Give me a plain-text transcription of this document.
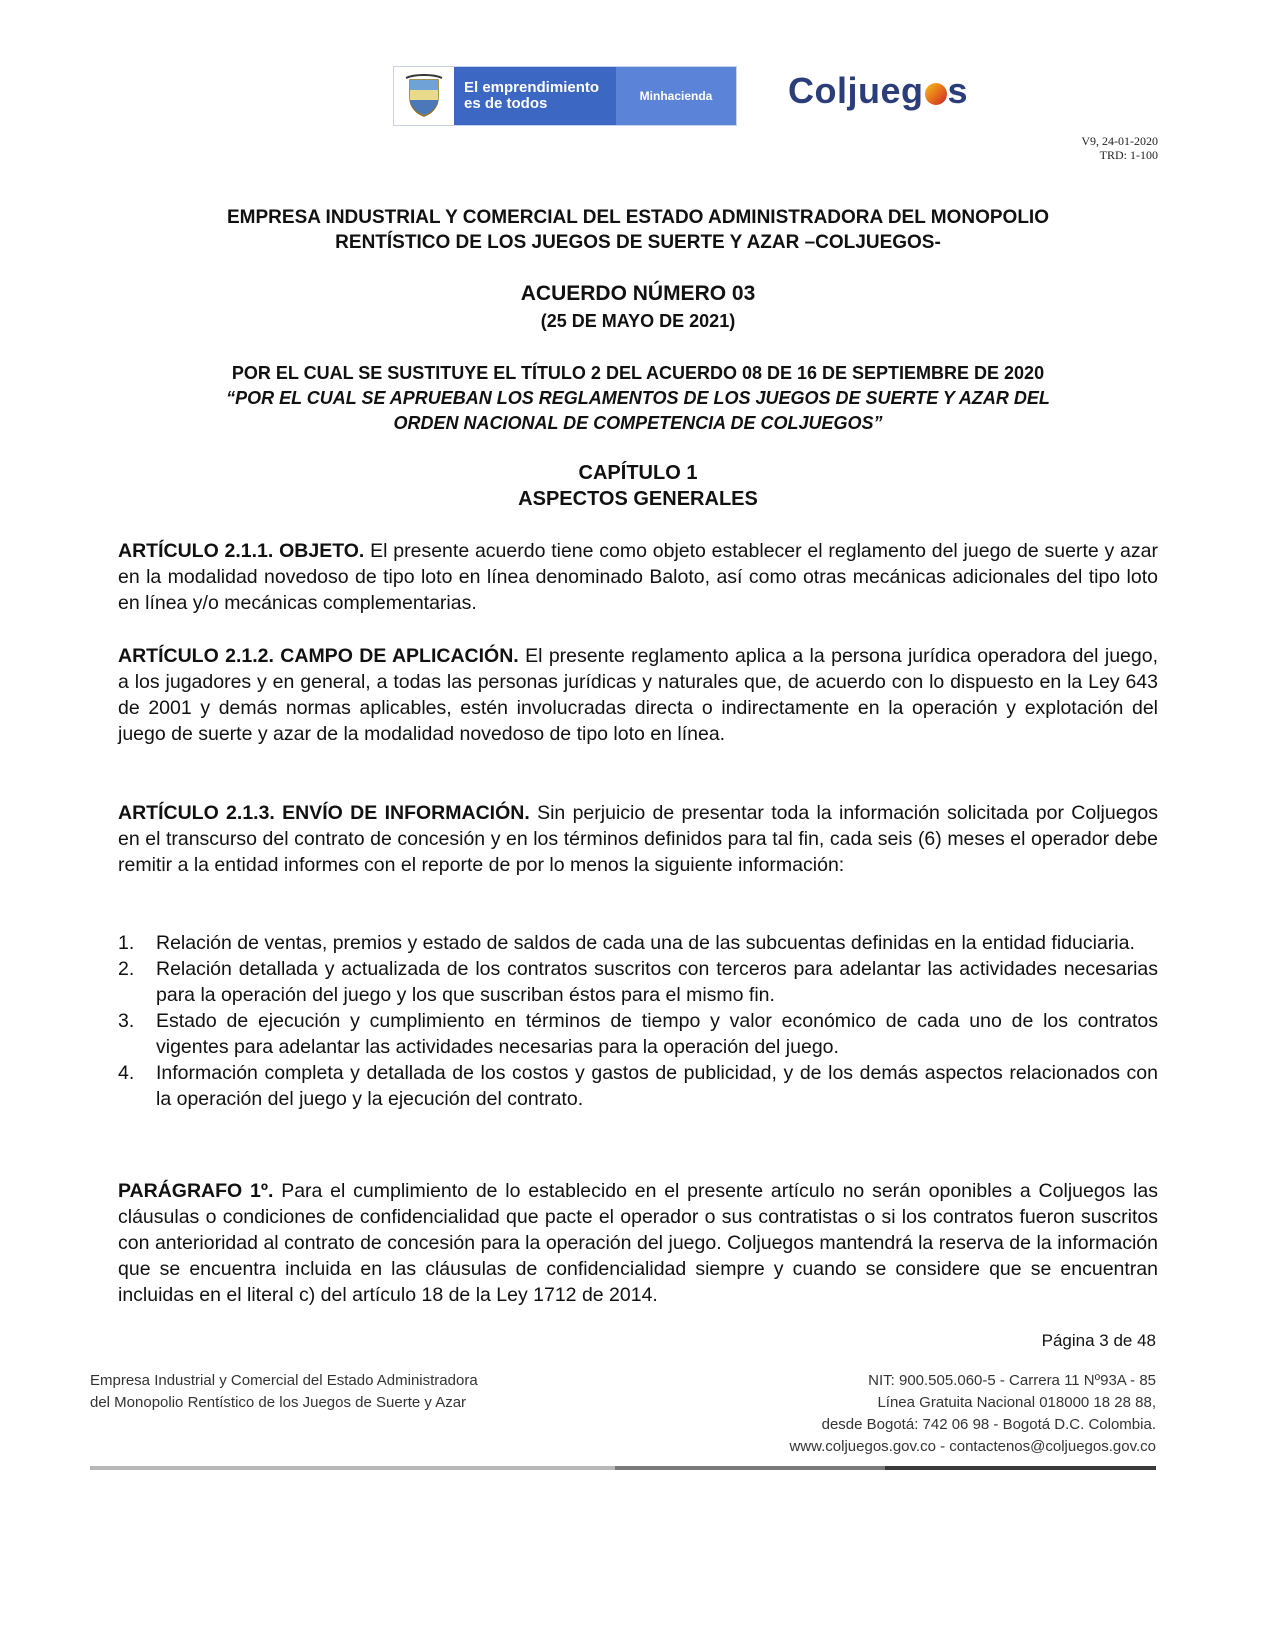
El emprendimiento
es de todos	Minhacienda	Coljueg s
V9, 24-01-2020
TRD: 1-100
EMPRESA INDUSTRIAL Y COMERCIAL DEL ESTADO ADMINISTRADORA DEL MONOPOLIO
RENTÍSTICO DE LOS JUEGOS DE SUERTE Y AZAR –COLJUEGOS-
ACUERDO NÚMERO 03
(25 DE MAYO DE 2021)
POR EL CUAL SE SUSTITUYE EL TÍTULO 2 DEL ACUERDO 08 DE 16 DE SEPTIEMBRE DE 2020
“POR EL CUAL SE APRUEBAN LOS REGLAMENTOS DE LOS JUEGOS DE SUERTE Y AZAR DEL
ORDEN NACIONAL DE COMPETENCIA DE COLJUEGOS”
CAPÍTULO 1
ASPECTOS GENERALES
ARTÍCULO 2.1.1. OBJETO. El presente acuerdo tiene como objeto establecer el reglamento del juego de suerte y azar en la modalidad novedoso de tipo loto en línea denominado Baloto, así como otras mecánicas adicionales del tipo loto en línea y/o mecánicas complementarias.
ARTÍCULO 2.1.2. CAMPO DE APLICACIÓN. El presente reglamento aplica a la persona jurídica operadora del juego, a los jugadores y en general, a todas las personas jurídicas y naturales que, de acuerdo con lo dispuesto en la Ley 643 de 2001 y demás normas aplicables, estén involucradas directa o indirectamente en la operación y explotación del juego de suerte y azar de la modalidad novedoso de tipo loto en línea.
ARTÍCULO 2.1.3. ENVÍO DE INFORMACIÓN. Sin perjuicio de presentar toda la información solicitada por Coljuegos en el transcurso del contrato de concesión y en los términos definidos para tal fin, cada seis (6) meses el operador debe remitir a la entidad informes con el reporte de por lo menos la siguiente información:
1. Relación de ventas, premios y estado de saldos de cada una de las subcuentas definidas en la entidad fiduciaria.
2. Relación detallada y actualizada de los contratos suscritos con terceros para adelantar las actividades necesarias para la operación del juego y los que suscriban éstos para el mismo fin.
3. Estado de ejecución y cumplimiento en términos de tiempo y valor económico de cada uno de los contratos vigentes para adelantar las actividades necesarias para la operación del juego.
4. Información completa y detallada de los costos y gastos de publicidad, y de los demás aspectos relacionados con la operación del juego y la ejecución del contrato.
PARÁGRAFO 1º. Para el cumplimiento de lo establecido en el presente artículo no serán oponibles a Coljuegos las cláusulas o condiciones de confidencialidad que pacte el operador o sus contratistas o si los contratos fueron suscritos con anterioridad al contrato de concesión para la operación del juego. Coljuegos mantendrá la reserva de la información que se encuentra incluida en las cláusulas de confidencialidad siempre y cuando se considere que se encuentran incluidas en el literal c) del artículo 18 de la Ley 1712 de 2014.
Página 3 de 48
Empresa Industrial y Comercial del Estado Administradora
del Monopolio Rentístico de los Juegos de Suerte y Azar
NIT: 900.505.060-5 - Carrera 11 Nº93A - 85
Línea Gratuita Nacional 018000 18 28 88,
desde Bogotá: 742 06 98 - Bogotá D.C. Colombia.
www.coljuegos.gov.co - contactenos@coljuegos.gov.co
